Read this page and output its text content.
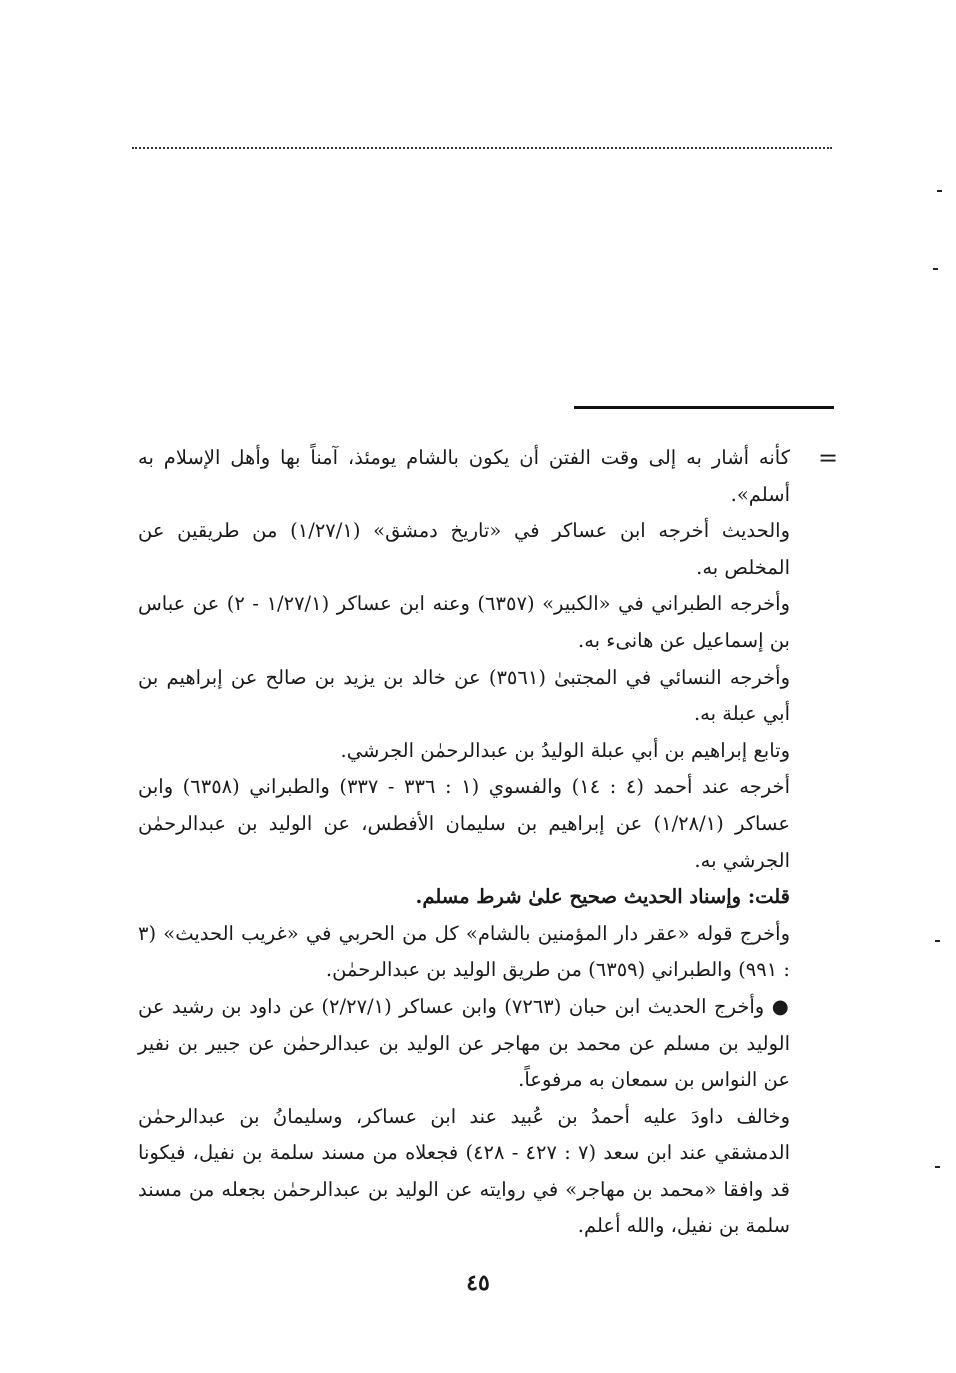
=

كأنه أشار به إلى وقت الفتن أن يكون بالشام يومئذ، آمناً بها وأهل الإسلام به أسلم».

والحديث أخرجه ابن عساكر في «تاريخ دمشق» (١/٢٧/١) من طريقين عن المخلص به.

وأخرجه الطبراني في «الكبير» (٦٣٥٧) وعنه ابن عساكر (١/٢٧/١ - ٢) عن عباس بن إسماعيل عن هانىء به.

وأخرجه النسائي في المجتبىٰ (٣٥٦١) عن خالد بن يزيد بن صالح عن إبراهيم بن أبي عبلة به.

وتابع إبراهيم بن أبي عبلة الوليدُ بن عبدالرحمٰن الجرشي.

أخرجه عند أحمد (٤ : ١٤) والفسوي (١ : ٣٣٦ - ٣٣٧) والطبراني (٦٣٥٨) وابن عساكر (١/٢٨/١) عن إبراهيم بن سليمان الأفطس، عن الوليد بن عبدالرحمٰن الجرشي به.

قلت: وإسناد الحديث صحيح علىٰ شرط مسلم.

وأخرج قوله «عقر دار المؤمنين بالشام» كل من الحربي في «غريب الحديث» (٣ : ٩٩١) والطبراني (٦٣٥٩) من طريق الوليد بن عبدالرحمٰن.

● وأخرج الحديث ابن حبان (٧٢٦٣) وابن عساكر (٢/٢٧/١) عن داود بن رشيد عن الوليد بن مسلم عن محمد بن مهاجر عن الوليد بن عبدالرحمٰن عن جبير بن نفير عن النواس بن سمعان به مرفوعاً.

وخالف داودَ عليه أحمدُ بن عُبيد عند ابن عساكر، وسليمانُ بن عبدالرحمٰن الدمشقي عند ابن سعد (٧ : ٤٢٧ - ٤٢٨) فجعلاه من مسند سلمة بن نفيل، فيكونا قد وافقا «محمد بن مهاجر» في روايته عن الوليد بن عبدالرحمٰن بجعله من مسند سلمة بن نفيل، والله أعلم.

٤٥
